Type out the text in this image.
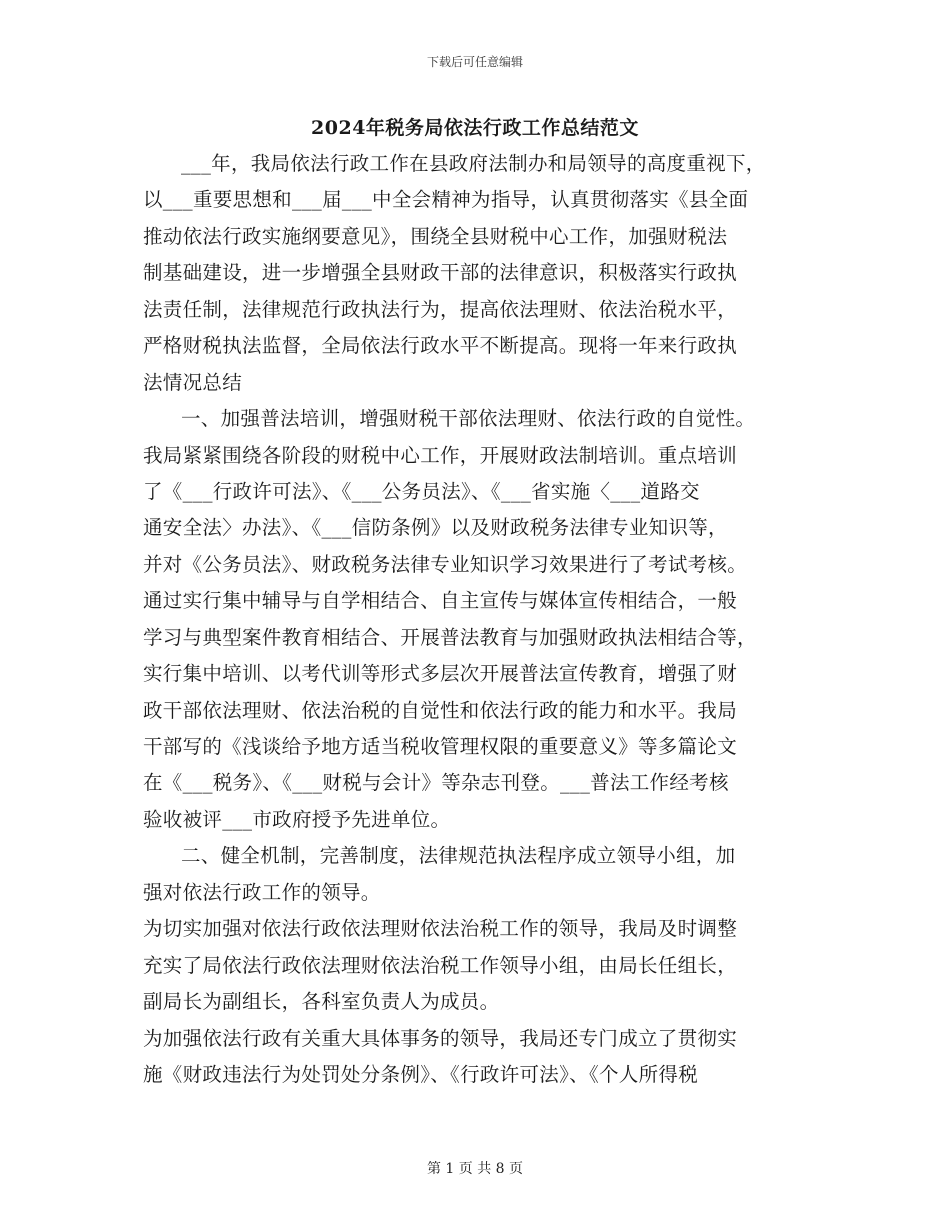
下载后可任意编辑
2024年税务局依法行政工作总结范文
___年，我局依法行政工作在县政府法制办和局领导的高度重视下，
以___重要思想和___届___中全会精神为指导，认真贯彻落实《县全面
推动依法行政实施纲要意见》，围绕全县财税中心工作，加强财税法
制基础建设，进一步增强全县财政干部的法律意识，积极落实行政执
法责任制，法律规范行政执法行为，提高依法理财、依法治税水平，
严格财税执法监督，全局依法行政水平不断提高。现将一年来行政执
法情况总结
一、加强普法培训，增强财税干部依法理财、依法行政的自觉性。
我局紧紧围绕各阶段的财税中心工作，开展财政法制培训。重点培训
了《___行政许可法》、《___公务员法》、《___省实施〈___道路交
通安全法〉办法》、《___信防条例》以及财政税务法律专业知识等，
并对《公务员法》、财政税务法律专业知识学习效果进行了考试考核。
通过实行集中辅导与自学相结合、自主宣传与媒体宣传相结合，一般
学习与典型案件教育相结合、开展普法教育与加强财政执法相结合等，
实行集中培训、以考代训等形式多层次开展普法宣传教育，增强了财
政干部依法理财、依法治税的自觉性和依法行政的能力和水平。我局
干部写的《浅谈给予地方适当税收管理权限的重要意义》等多篇论文
在《___税务》、《___财税与会计》等杂志刊登。___普法工作经考核
验收被评___市政府授予先进单位。
二、健全机制，完善制度，法律规范执法程序成立领导小组，加
强对依法行政工作的领导。
为切实加强对依法行政依法理财依法治税工作的领导，我局及时调整
充实了局依法行政依法理财依法治税工作领导小组，由局长任组长，
副局长为副组长，各科室负责人为成员。
为加强依法行政有关重大具体事务的领导，我局还专门成立了贯彻实
施《财政违法行为处罚处分条例》、《行政许可法》、《个人所得税
第 1 页 共 8 页
